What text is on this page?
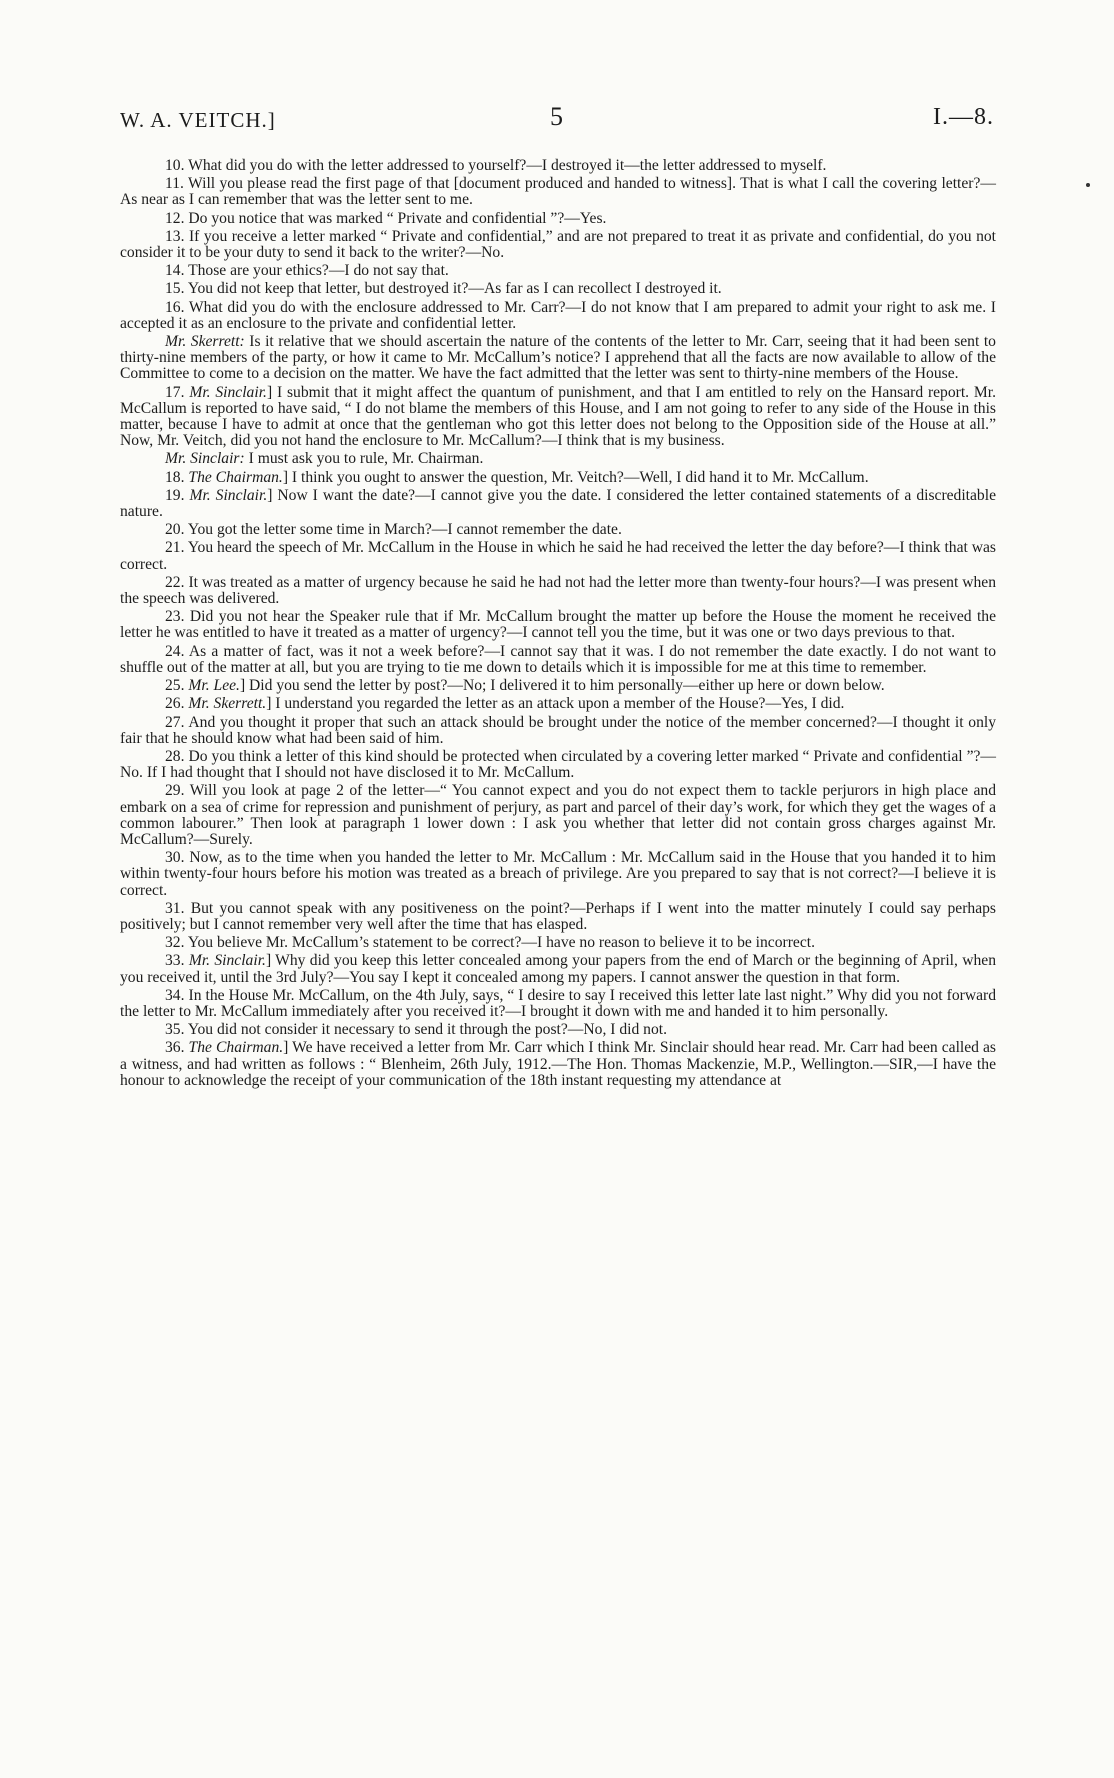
W. A. VEITCH.]	5	I.—8.

10. What did you do with the letter addressed to yourself?—I destroyed it—the letter addressed to myself.

11. Will you please read the first page of that [document produced and handed to witness]. That is what I call the covering letter?—As near as I can remember that was the letter sent to me.

12. Do you notice that was marked “ Private and confidential ”?—Yes.

13. If you receive a letter marked “ Private and confidential,” and are not prepared to treat it as private and confidential, do you not consider it to be your duty to send it back to the writer?—No.

14. Those are your ethics?—I do not say that.

15. You did not keep that letter, but destroyed it?—As far as I can recollect I destroyed it.

16. What did you do with the enclosure addressed to Mr. Carr?—I do not know that I am prepared to admit your right to ask me. I accepted it as an enclosure to the private and confidential letter.

Mr. Skerrett: Is it relative that we should ascertain the nature of the contents of the letter to Mr. Carr, seeing that it had been sent to thirty-nine members of the party, or how it came to Mr. McCallum’s notice? I apprehend that all the facts are now available to allow of the Committee to come to a decision on the matter. We have the fact admitted that the letter was sent to thirty-nine members of the House.

17. Mr. Sinclair.] I submit that it might affect the quantum of punishment, and that I am entitled to rely on the Hansard report. Mr. McCallum is reported to have said, “ I do not blame the members of this House, and I am not going to refer to any side of the House in this matter, because I have to admit at once that the gentleman who got this letter does not belong to the Opposition side of the House at all.” Now, Mr. Veitch, did you not hand the enclosure to Mr. McCallum?—I think that is my business.

Mr. Sinclair: I must ask you to rule, Mr. Chairman.

18. The Chairman.] I think you ought to answer the question, Mr. Veitch?—Well, I did hand it to Mr. McCallum.

19. Mr. Sinclair.] Now I want the date?—I cannot give you the date. I considered the letter contained statements of a discreditable nature.

20. You got the letter some time in March?—I cannot remember the date.

21. You heard the speech of Mr. McCallum in the House in which he said he had received the letter the day before?—I think that was correct.

22. It was treated as a matter of urgency because he said he had not had the letter more than twenty-four hours?—I was present when the speech was delivered.

23. Did you not hear the Speaker rule that if Mr. McCallum brought the matter up before the House the moment he received the letter he was entitled to have it treated as a matter of urgency?—I cannot tell you the time, but it was one or two days previous to that.

24. As a matter of fact, was it not a week before?—I cannot say that it was. I do not remember the date exactly. I do not want to shuffle out of the matter at all, but you are trying to tie me down to details which it is impossible for me at this time to remember.

25. Mr. Lee.] Did you send the letter by post?—No; I delivered it to him personally—either up here or down below.

26. Mr. Skerrett.] I understand you regarded the letter as an attack upon a member of the House?—Yes, I did.

27. And you thought it proper that such an attack should be brought under the notice of the member concerned?—I thought it only fair that he should know what had been said of him.

28. Do you think a letter of this kind should be protected when circulated by a covering letter marked “ Private and confidential ”?—No. If I had thought that I should not have disclosed it to Mr. McCallum.

29. Will you look at page 2 of the letter—“ You cannot expect and you do not expect them to tackle perjurors in high place and embark on a sea of crime for repression and punishment of perjury, as part and parcel of their day’s work, for which they get the wages of a common labourer.” Then look at paragraph 1 lower down : I ask you whether that letter did not contain gross charges against Mr. McCallum?—Surely.

30. Now, as to the time when you handed the letter to Mr. McCallum : Mr. McCallum said in the House that you handed it to him within twenty-four hours before his motion was treated as a breach of privilege. Are you prepared to say that is not correct?—I believe it is correct.

31. But you cannot speak with any positiveness on the point?—Perhaps if I went into the matter minutely I could say perhaps positively; but I cannot remember very well after the time that has elasped.

32. You believe Mr. McCallum’s statement to be correct?—I have no reason to believe it to be incorrect.

33. Mr. Sinclair.] Why did you keep this letter concealed among your papers from the end of March or the beginning of April, when you received it, until the 3rd July?—You say I kept it concealed among my papers. I cannot answer the question in that form.

34. In the House Mr. McCallum, on the 4th July, says, “ I desire to say I received this letter late last night.” Why did you not forward the letter to Mr. McCallum immediately after you received it?—I brought it down with me and handed it to him personally.

35. You did not consider it necessary to send it through the post?—No, I did not.

36. The Chairman.] We have received a letter from Mr. Carr which I think Mr. Sinclair should hear read. Mr. Carr had been called as a witness, and had written as follows : “ Blenheim, 26th July, 1912.—The Hon. Thomas Mackenzie, M.P., Wellington.—SIR,—I have the honour to acknowledge the receipt of your communication of the 18th instant requesting my attendance at
